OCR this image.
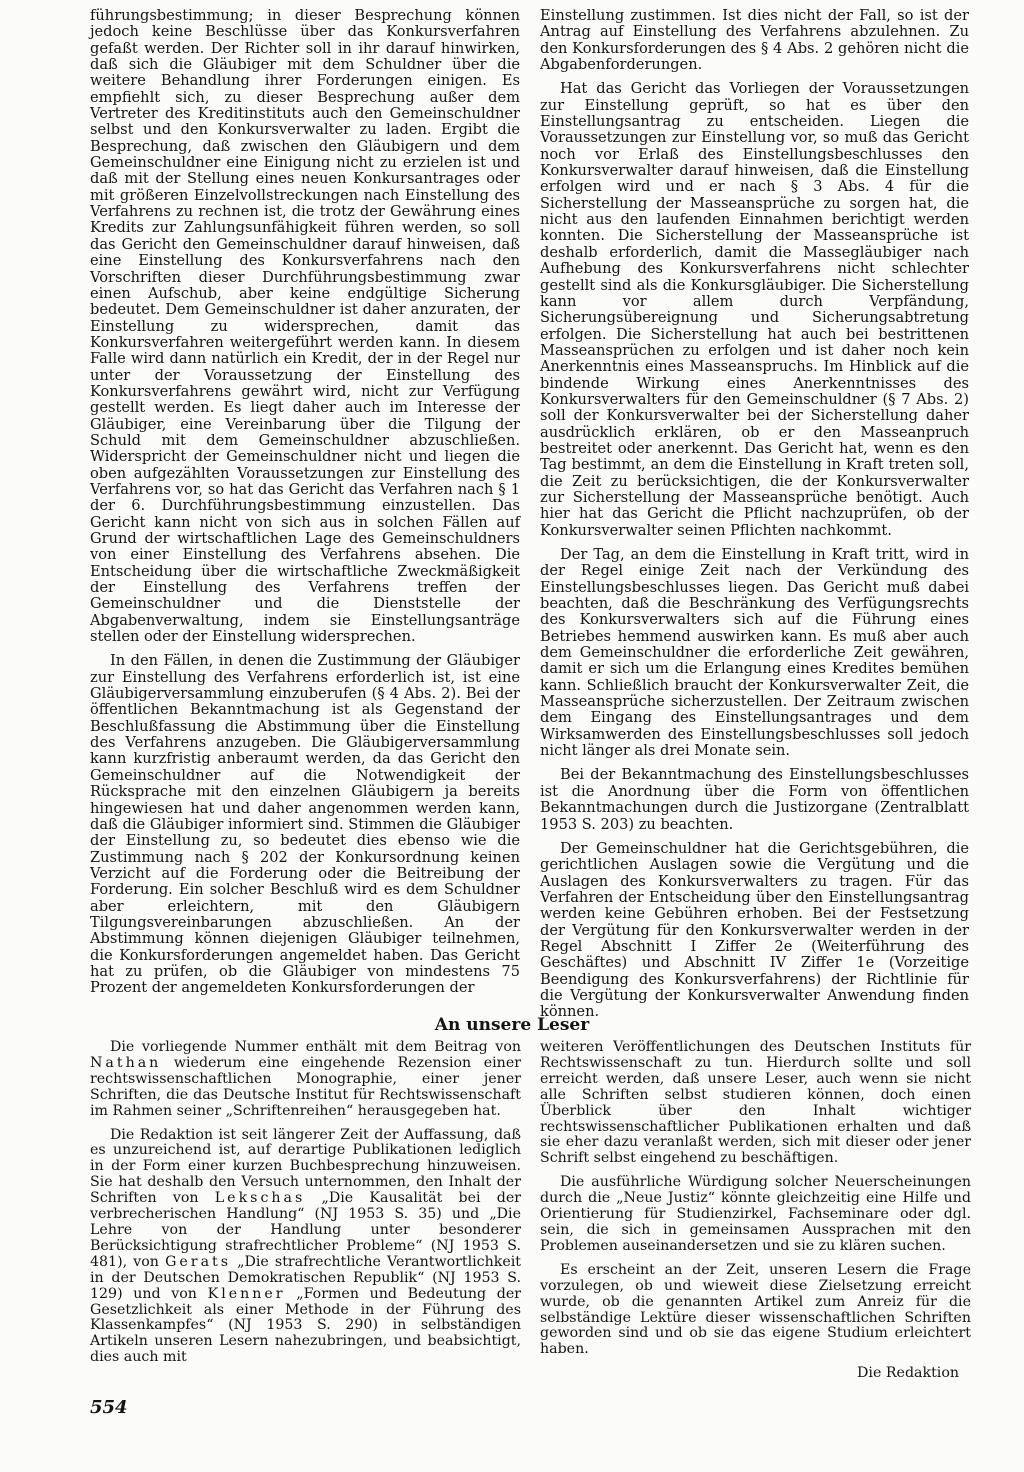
führungsbestimmung; in dieser Besprechung können jedoch keine Beschlüsse über das Konkursverfahren gefaßt werden. Der Richter soll in ihr darauf hinwirken, daß sich die Gläubiger mit dem Schuldner über die weitere Behandlung ihrer Forderungen einigen. Es empfiehlt sich, zu dieser Besprechung außer dem Vertreter des Kreditinstituts auch den Gemeinschuldner selbst und den Konkursverwalter zu laden. Ergibt die Besprechung, daß zwischen den Gläubigern und dem Gemeinschuldner eine Einigung nicht zu erzielen ist und daß mit der Stellung eines neuen Konkursantrages oder mit größeren Einzelvollstreckungen nach Einstellung des Verfahrens zu rechnen ist, die trotz der Gewährung eines Kredits zur Zahlungsunfähigkeit führen werden, so soll das Gericht den Gemeinschuldner darauf hinweisen, daß eine Einstellung des Konkursverfahrens nach den Vorschriften dieser Durchführungsbestimmung zwar einen Aufschub, aber keine endgültige Sicherung bedeutet. Dem Gemeinschuldner ist daher anzuraten, der Einstellung zu widersprechen, damit das Konkursverfahren weitergeführt werden kann. In diesem Falle wird dann natürlich ein Kredit, der in der Regel nur unter der Voraussetzung der Einstellung des Konkursverfahrens gewährt wird, nicht zur Verfügung gestellt werden. Es liegt daher auch im Interesse der Gläubiger, eine Vereinbarung über die Tilgung der Schuld mit dem Gemeinschuldner abzuschließen. Widerspricht der Gemeinschuldner nicht und liegen die oben aufgezählten Voraussetzungen zur Einstellung des Verfahrens vor, so hat das Gericht das Verfahren nach § 1 der 6. Durchführungsbestimmung einzustellen. Das Gericht kann nicht von sich aus in solchen Fällen auf Grund der wirtschaftlichen Lage des Gemeinschuldners von einer Einstellung des Verfahrens absehen. Die Entscheidung über die wirtschaftliche Zweckmäßigkeit der Einstellung des Verfahrens treffen der Gemeinschuldner und die Dienststelle der Abgabenverwaltung, indem sie Einstellungsanträge stellen oder der Einstellung widersprechen.

In den Fällen, in denen die Zustimmung der Gläubiger zur Einstellung des Verfahrens erforderlich ist, ist eine Gläubigerversammlung einzuberufen (§ 4 Abs. 2). Bei der öffentlichen Bekanntmachung ist als Gegenstand der Beschlußfassung die Abstimmung über die Einstellung des Verfahrens anzugeben. Die Gläubigerversammlung kann kurzfristig anberaumt werden, da das Gericht den Gemeinschuldner auf die Notwendigkeit der Rücksprache mit den einzelnen Gläubigern ja bereits hingewiesen hat und daher angenommen werden kann, daß die Gläubiger informiert sind. Stimmen die Gläubiger der Einstellung zu, so bedeutet dies ebenso wie die Zustimmung nach § 202 der Konkursordnung keinen Verzicht auf die Forderung oder die Beitreibung der Forderung. Ein solcher Beschluß wird es dem Schuldner aber erleichtern, mit den Gläubigern Tilgungsvereinbarungen abzuschließen. An der Abstimmung können diejenigen Gläubiger teilnehmen, die Konkursforderungen angemeldet haben. Das Gericht hat zu prüfen, ob die Gläubiger von mindestens 75 Prozent der angemeldeten Konkursforderungen der

Einstellung zustimmen. Ist dies nicht der Fall, so ist der Antrag auf Einstellung des Verfahrens abzulehnen. Zu den Konkursforderungen des § 4 Abs. 2 gehören nicht die Abgabenforderungen.

Hat das Gericht das Vorliegen der Voraussetzungen zur Einstellung geprüft, so hat es über den Einstellungsantrag zu entscheiden. Liegen die Voraussetzungen zur Einstellung vor, so muß das Gericht noch vor Erlaß des Einstellungsbeschlusses den Konkursverwalter darauf hinweisen, daß die Einstellung erfolgen wird und er nach § 3 Abs. 4 für die Sicherstellung der Masseansprüche zu sorgen hat, die nicht aus den laufenden Einnahmen berichtigt werden konnten. Die Sicherstellung der Masseansprüche ist deshalb erforderlich, damit die Massegläubiger nach Aufhebung des Konkursverfahrens nicht schlechter gestellt sind als die Konkursgläubiger. Die Sicherstellung kann vor allem durch Verpfändung, Sicherungsübereignung und Sicherungsabtretung erfolgen. Die Sicherstellung hat auch bei bestrittenen Masseansprüchen zu erfolgen und ist daher noch kein Anerkenntnis eines Masseanspruchs. Im Hinblick auf die bindende Wirkung eines Anerkenntnisses des Konkursverwalters für den Gemeinschuldner (§ 7 Abs. 2) soll der Konkursverwalter bei der Sicherstellung daher ausdrücklich erklären, ob er den Masseanpruch bestreitet oder anerkennt. Das Gericht hat, wenn es den Tag bestimmt, an dem die Einstellung in Kraft treten soll, die Zeit zu berücksichtigen, die der Konkursverwalter zur Sicherstellung der Masseansprüche benötigt. Auch hier hat das Gericht die Pflicht nachzuprüfen, ob der Konkursverwalter seinen Pflichten nachkommt.

Der Tag, an dem die Einstellung in Kraft tritt, wird in der Regel einige Zeit nach der Verkündung des Einstellungsbeschlusses liegen. Das Gericht muß dabei beachten, daß die Beschränkung des Verfügungsrechts des Konkursverwalters sich auf die Führung eines Betriebes hemmend auswirken kann. Es muß aber auch dem Gemeinschuldner die erforderliche Zeit gewähren, damit er sich um die Erlangung eines Kredites bemühen kann. Schließlich braucht der Konkursverwalter Zeit, die Masseansprüche sicherzustellen. Der Zeitraum zwischen dem Eingang des Einstellungsantrages und dem Wirksamwerden des Einstellungsbeschlusses soll jedoch nicht länger als drei Monate sein.

Bei der Bekanntmachung des Einstellungsbeschlusses ist die Anordnung über die Form von öffentlichen Bekanntmachungen durch die Justizorgane (Zentralblatt 1953 S. 203) zu beachten.

Der Gemeinschuldner hat die Gerichtsgebühren, die gerichtlichen Auslagen sowie die Vergütung und die Auslagen des Konkursverwalters zu tragen. Für das Verfahren der Entscheidung über den Einstellungsantrag werden keine Gebühren erhoben. Bei der Festsetzung der Vergütung für den Konkursverwalter werden in der Regel Abschnitt I Ziffer 2e (Weiterführung des Geschäftes) und Abschnitt IV Ziffer 1e (Vorzeitige Beendigung des Konkursverfahrens) der Richtlinie für die Vergütung der Konkursverwalter Anwendung finden können.

An unsere Leser

Die vorliegende Nummer enthält mit dem Beitrag von Nathan wiederum eine eingehende Rezension einer rechtswissenschaftlichen Monographie, einer jener Schriften, die das Deutsche Institut für Rechtswissenschaft im Rahmen seiner „Schriftenreihen“ herausgegeben hat.

Die Redaktion ist seit längerer Zeit der Auffassung, daß es unzureichend ist, auf derartige Publikationen lediglich in der Form einer kurzen Buchbesprechung hinzuweisen. Sie hat deshalb den Versuch unternommen, den Inhalt der Schriften von Lekschas „Die Kausalität bei der verbrecherischen Handlung“ (NJ 1953 S. 35) und „Die Lehre von der Handlung unter besonderer Berücksichtigung strafrechtlicher Probleme“ (NJ 1953 S. 481), von Gerats „Die strafrechtliche Verantwortlichkeit in der Deutschen Demokratischen Republik“ (NJ 1953 S. 129) und von Klenner „Formen und Bedeutung der Gesetzlichkeit als einer Methode in der Führung des Klassenkampfes“ (NJ 1953 S. 290) in selbständigen Artikeln unseren Lesern nahezubringen, und beabsichtigt, dies auch mit

weiteren Veröffentlichungen des Deutschen Instituts für Rechtswissenschaft zu tun. Hierdurch sollte und soll erreicht werden, daß unsere Leser, auch wenn sie nicht alle Schriften selbst studieren können, doch einen Überblick über den Inhalt wichtiger rechtswissenschaftlicher Publikationen erhalten und daß sie eher dazu veranlaßt werden, sich mit dieser oder jener Schrift selbst eingehend zu beschäftigen.

Die ausführliche Würdigung solcher Neuerscheinungen durch die „Neue Justiz“ könnte gleichzeitig eine Hilfe und Orientierung für Studienzirkel, Fachseminare oder dgl. sein, die sich in gemeinsamen Aussprachen mit den Problemen auseinandersetzen und sie zu klären suchen.

Es erscheint an der Zeit, unseren Lesern die Frage vorzulegen, ob und wieweit diese Zielsetzung erreicht wurde, ob die genannten Artikel zum Anreiz für die selbständige Lektüre dieser wissenschaftlichen Schriften geworden sind und ob sie das eigene Studium erleichtert haben.

Die Redaktion

554
